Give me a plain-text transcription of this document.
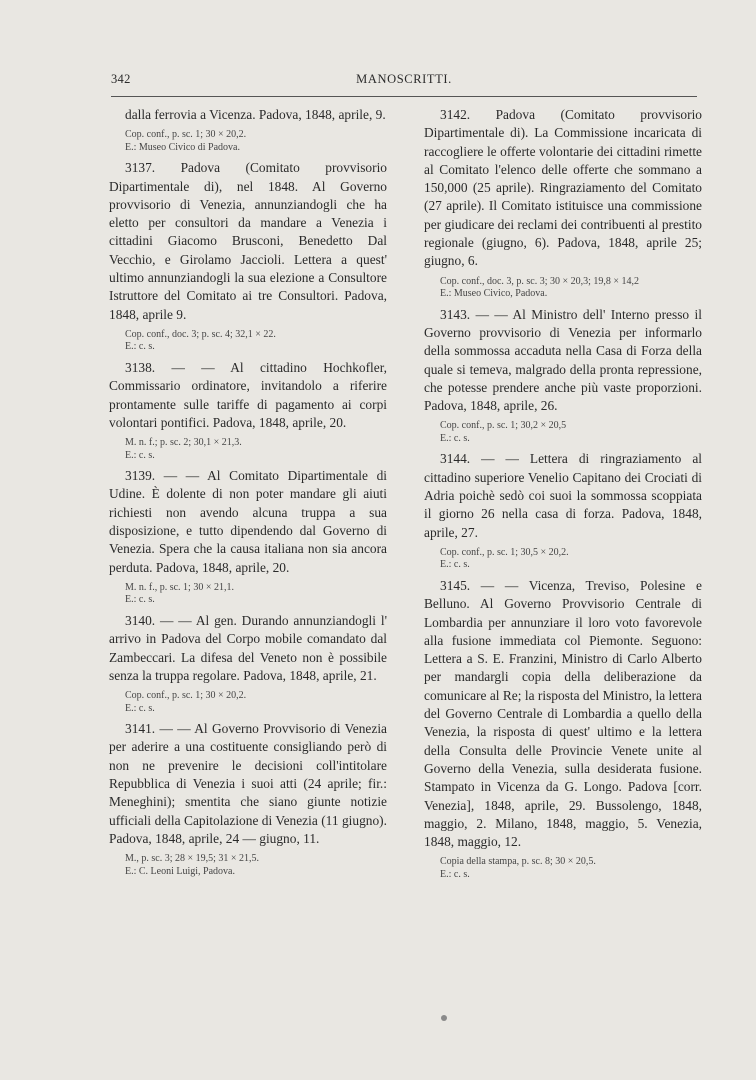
342	MANOSCRITTI.

dalla ferrovia a Vicenza. Padova, 1848, aprile, 9.

Cop. conf., p. sc. 1; 30 × 20,2.
E.: Museo Civico di Padova.

3137. Padova (Comitato provvisorio Dipartimentale di), nel 1848. Al Governo provvisorio di Venezia, annunziandogli che ha eletto per consultori da mandare a Venezia i cittadini Giacomo Brusconi, Benedetto Dal Vecchio, e Girolamo Jaccioli. Lettera a quest' ultimo annunziandogli la sua elezione a Consultore Istruttore del Comitato ai tre Consultori. Padova, 1848, aprile 9.

Cop. conf., doc. 3; p. sc. 4; 32,1 × 22.
E.: c. s.

3138. — — Al cittadino Hochkofler, Commissario ordinatore, invitandolo a riferire prontamente sulle tariffe di pagamento ai corpi volontari pontifici. Padova, 1848, aprile, 20.

M. n. f.; p. sc. 2; 30,1 × 21,3.
E.: c. s.

3139. — — Al Comitato Dipartimentale di Udine. È dolente di non poter mandare gli aiuti richiesti non avendo alcuna truppa a sua disposizione, e tutto dipendendo dal Governo di Venezia. Spera che la causa italiana non sia ancora perduta. Padova, 1848, aprile, 20.

M. n. f., p. sc. 1; 30 × 21,1.
E.: c. s.

3140. — — Al gen. Durando annunziandogli l' arrivo in Padova del Corpo mobile comandato dal Zambeccari. La difesa del Veneto non è possibile senza la truppa regolare. Padova, 1848, aprile, 21.

Cop. conf., p. sc. 1; 30 × 20,2.
E.: c. s.

3141. — — Al Governo Provvisorio di Venezia per aderire a una costituente consigliando però di non ne prevenire le decisioni coll'intitolare Repubblica di Venezia i suoi atti (24 aprile; fir.: Meneghini); smentita che siano giunte notizie ufficiali della Capitolazione di Venezia (11 giugno). Padova, 1848, aprile, 24 — giugno, 11.

M., p. sc. 3; 28 × 19,5; 31 × 21,5.
E.: C. Leoni Luigi, Padova.

3142. Padova (Comitato provvisorio Dipartimentale di). La Commissione incaricata di raccogliere le offerte volontarie dei cittadini rimette al Comitato l'elenco delle offerte che sommano a 150,000 (25 aprile). Ringraziamento del Comitato (27 aprile). Il Comitato istituisce una commissione per giudicare dei reclami dei contribuenti al prestito regionale (giugno, 6). Padova, 1848, aprile 25; giugno, 6.

Cop. conf., doc. 3, p. sc. 3; 30 × 20,3; 19,8 × 14,2
E.: Museo Civico, Padova.

3143. — — Al Ministro dell' Interno presso il Governo provvisorio di Venezia per informarlo della sommossa accaduta nella Casa di Forza della quale si temeva, malgrado della pronta repressione, che potesse prendere anche più vaste proporzioni. Padova, 1848, aprile, 26.

Cop. conf., p. sc. 1; 30,2 × 20,5
E.: c. s.

3144. — — Lettera di ringraziamento al cittadino superiore Venelio Capitano dei Crociati di Adria poichè sedò coi suoi la sommossa scoppiata il giorno 26 nella casa di forza. Padova, 1848, aprile, 27.

Cop. conf., p. sc. 1; 30,5 × 20,2.
E.: c. s.

3145. — — Vicenza, Treviso, Polesine e Belluno. Al Governo Provvisorio Centrale di Lombardia per annunziare il loro voto favorevole alla fusione immediata col Piemonte. Seguono: Lettera a S. E. Franzini, Ministro di Carlo Alberto per mandargli copia della deliberazione da comunicare al Re; la risposta del Ministro, la lettera del Governo Centrale di Lombardia a quello della Venezia, la risposta di quest' ultimo e la lettera della Consulta delle Provincie Venete unite al Governo della Venezia, sulla desiderata fusione. Stampato in Vicenza da G. Longo. Padova [corr. Venezia], 1848, aprile, 29. Bussolengo, 1848, maggio, 2. Milano, 1848, maggio, 5. Venezia, 1848, maggio, 12.

Copia della stampa, p. sc. 8; 30 × 20,5.
E.: c. s.
